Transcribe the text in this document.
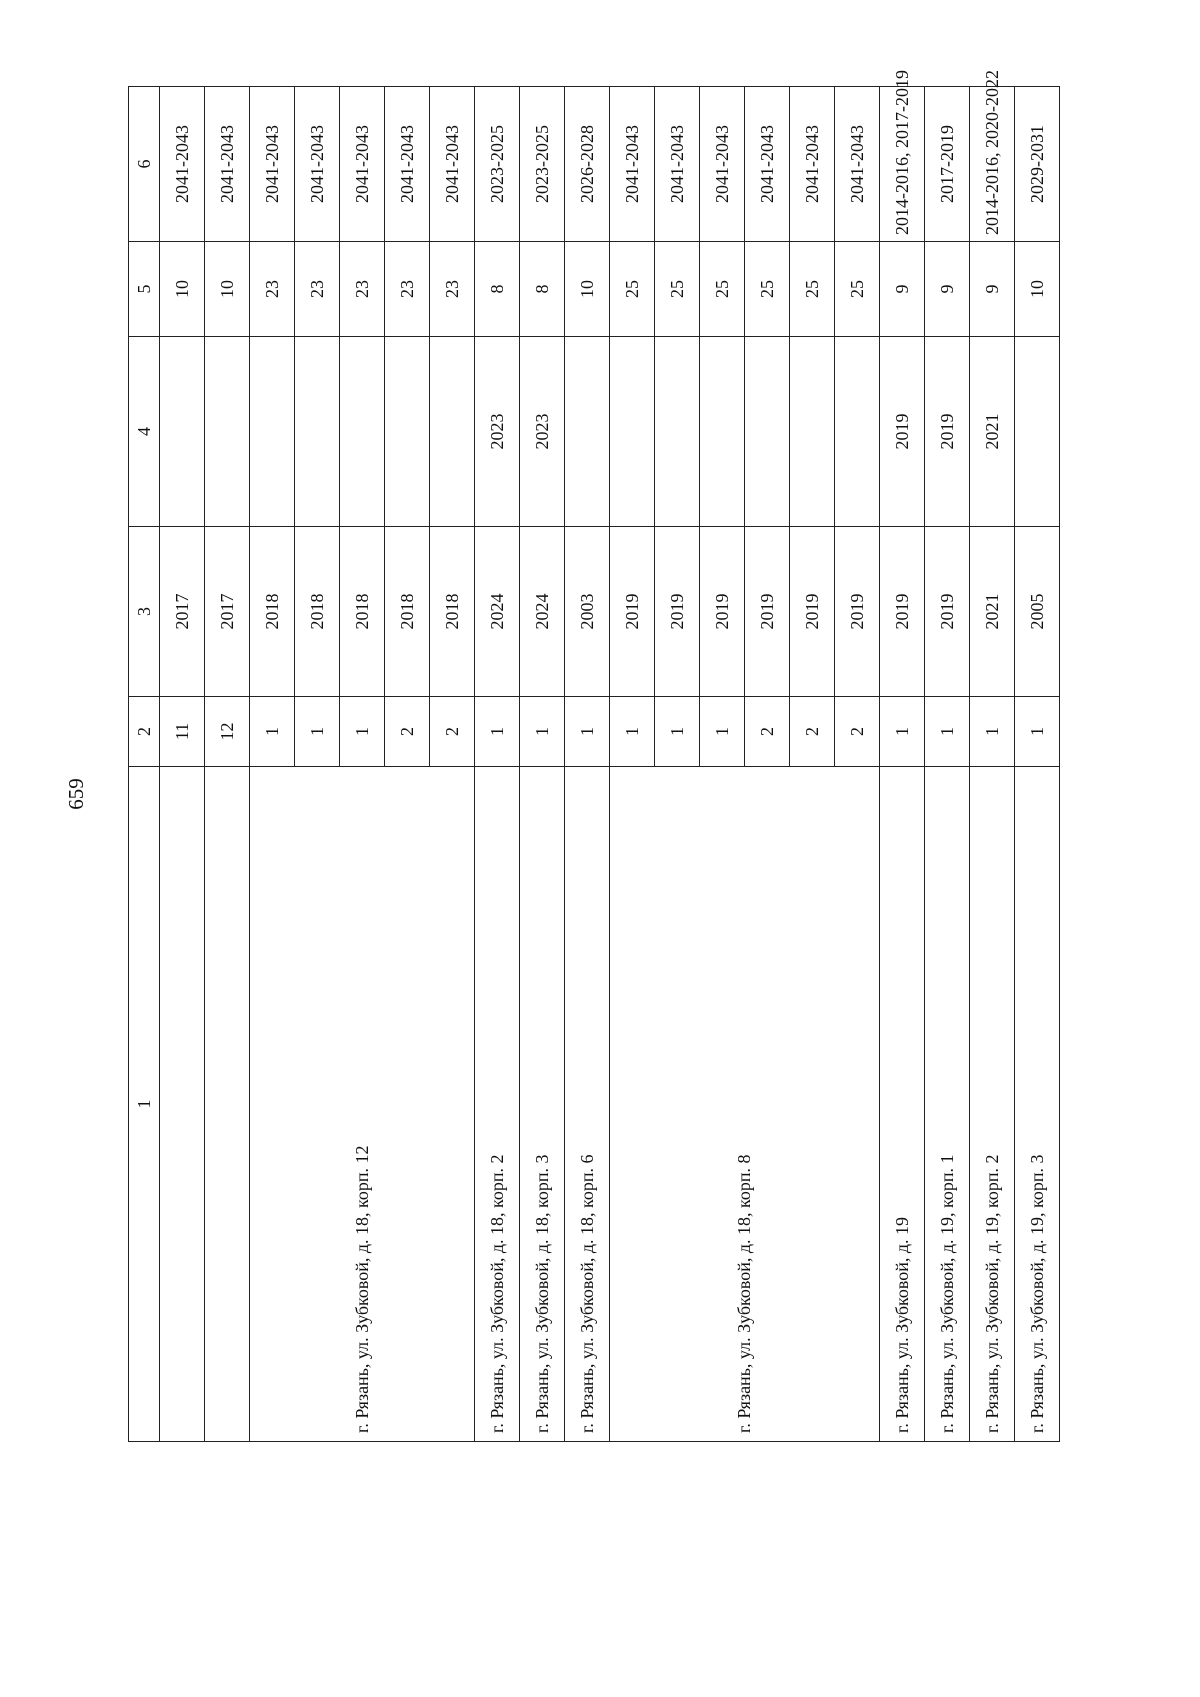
659
1	2	3	4	5	6
	11	2017		10	2041-2043
	12	2017		10	2041-2043
г. Рязань, ул. Зубковой, д. 18, корп. 12	1	2018		23	2041-2043
	1	2018		23	2041-2043
	1	2018		23	2041-2043
	2	2018		23	2041-2043
	2	2018		23	2041-2043
г. Рязань, ул. Зубковой, д. 18, корп. 2	1	2024	2023	8	2023-2025
г. Рязань, ул. Зубковой, д. 18, корп. 3	1	2024	2023	8	2023-2025
г. Рязань, ул. Зубковой, д. 18, корп. 6	1	2003		10	2026-2028
г. Рязань, ул. Зубковой, д. 18, корп. 8	1	2019		25	2041-2043
	1	2019		25	2041-2043
	1	2019		25	2041-2043
	2	2019		25	2041-2043
	2	2019		25	2041-2043
	2	2019		25	2041-2043
г. Рязань, ул. Зубковой, д. 19	1	2019	2019	9	2014-2016, 2017-2019
г. Рязань, ул. Зубковой, д. 19, корп. 1	1	2019	2019	9	2017-2019
г. Рязань, ул. Зубковой, д. 19, корп. 2	1	2021	2021	9	2014-2016, 2020-2022
г. Рязань, ул. Зубковой, д. 19, корп. 3	1	2005		10	2029-2031
